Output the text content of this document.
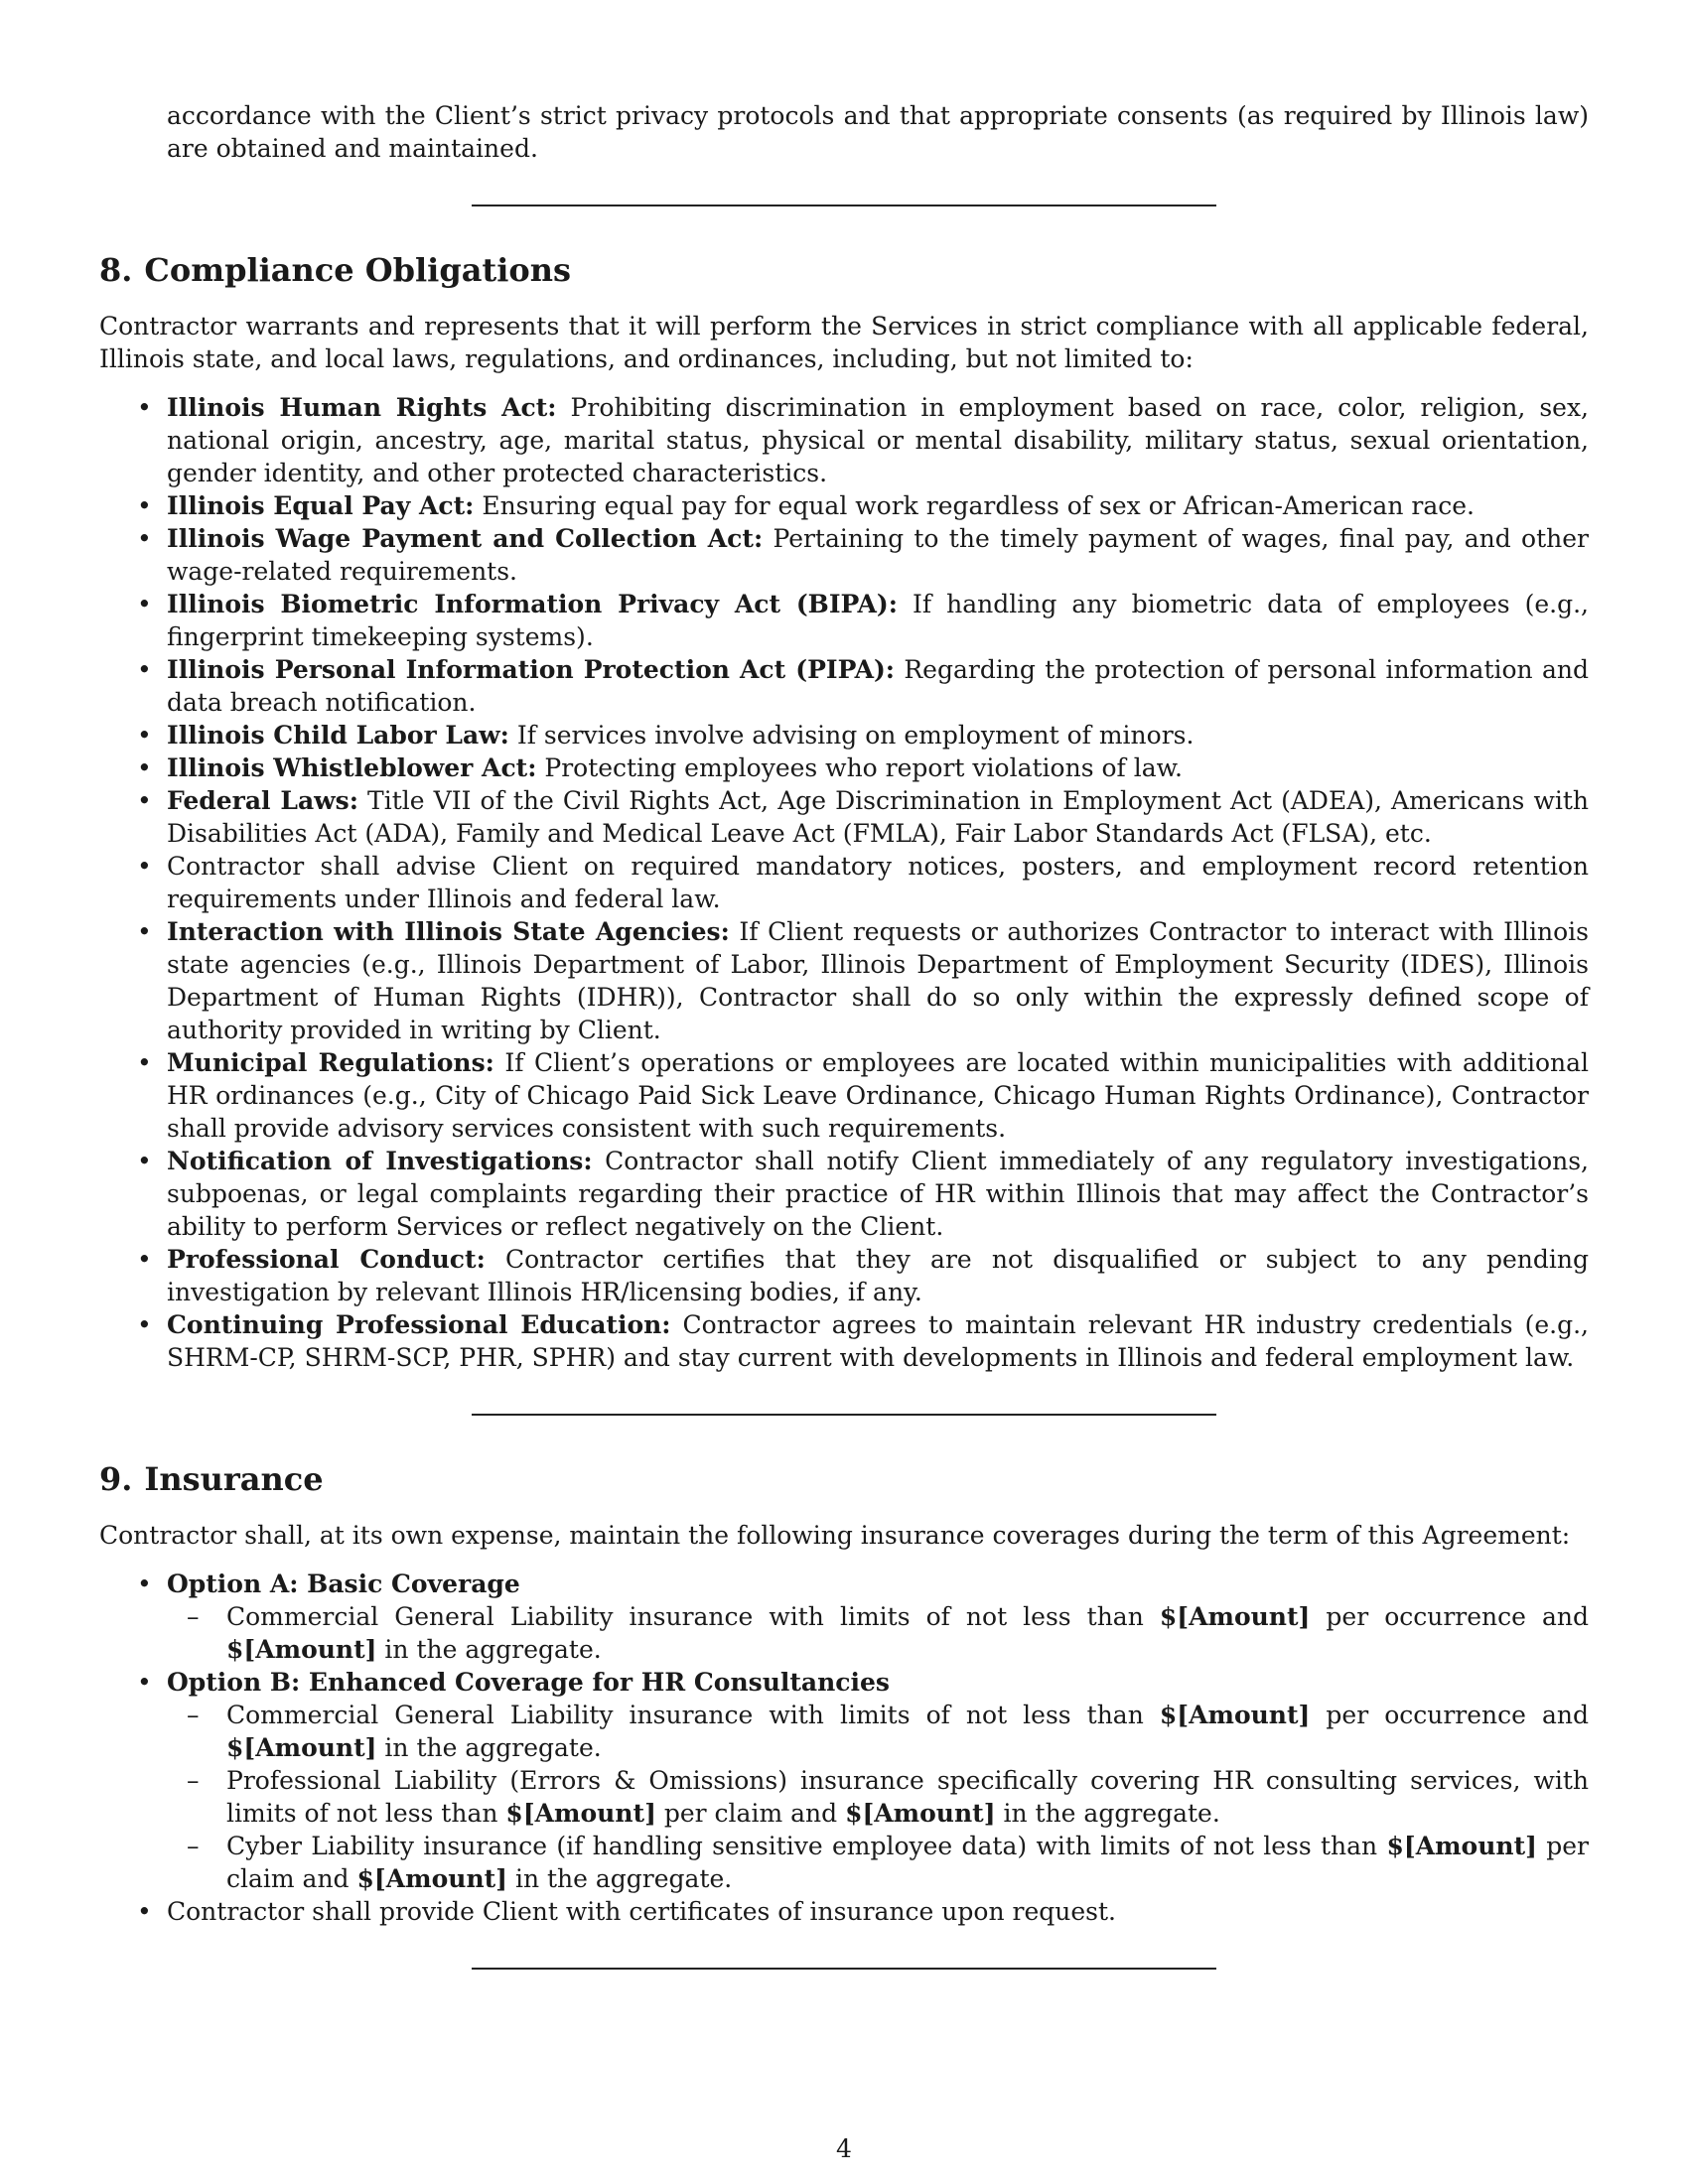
accordance with the Client’s strict privacy protocols and that appropriate consents (as required by Illinois law) are obtained and maintained.

8. Compliance Obligations

Contractor warrants and represents that it will perform the Services in strict compliance with all applicable federal, Illinois state, and local laws, regulations, and ordinances, including, but not limited to:

• Illinois Human Rights Act: Prohibiting discrimination in employment based on race, color, religion, sex, national origin, ancestry, age, marital status, physical or mental disability, military status, sexual orientation, gender identity, and other protected characteristics.
• Illinois Equal Pay Act: Ensuring equal pay for equal work regardless of sex or African-American race.
• Illinois Wage Payment and Collection Act: Pertaining to the timely payment of wages, final pay, and other wage-related requirements.
• Illinois Biometric Information Privacy Act (BIPA): If handling any biometric data of employees (e.g., fingerprint timekeeping systems).
• Illinois Personal Information Protection Act (PIPA): Regarding the protection of personal information and data breach notification.
• Illinois Child Labor Law: If services involve advising on employment of minors.
• Illinois Whistleblower Act: Protecting employees who report violations of law.
• Federal Laws: Title VII of the Civil Rights Act, Age Discrimination in Employment Act (ADEA), Americans with Disabilities Act (ADA), Family and Medical Leave Act (FMLA), Fair Labor Standards Act (FLSA), etc.
• Contractor shall advise Client on required mandatory notices, posters, and employment record retention requirements under Illinois and federal law.
• Interaction with Illinois State Agencies: If Client requests or authorizes Contractor to interact with Illinois state agencies (e.g., Illinois Department of Labor, Illinois Department of Employment Security (IDES), Illinois Department of Human Rights (IDHR)), Contractor shall do so only within the expressly defined scope of authority provided in writing by Client.
• Municipal Regulations: If Client’s operations or employees are located within municipalities with additional HR ordinances (e.g., City of Chicago Paid Sick Leave Ordinance, Chicago Human Rights Ordinance), Contractor shall provide advisory services consistent with such requirements.
• Notification of Investigations: Contractor shall notify Client immediately of any regulatory investigations, subpoenas, or legal complaints regarding their practice of HR within Illinois that may affect the Contractor’s ability to perform Services or reflect negatively on the Client.
• Professional Conduct: Contractor certifies that they are not disqualified or subject to any pending investigation by relevant Illinois HR/licensing bodies, if any.
• Continuing Professional Education: Contractor agrees to maintain relevant HR industry credentials (e.g., SHRM-CP, SHRM-SCP, PHR, SPHR) and stay current with developments in Illinois and federal employment law.
9. Insurance

Contractor shall, at its own expense, maintain the following insurance coverages during the term of this Agreement:

• Option A: Basic Coverage
– Commercial General Liability insurance with limits of not less than $[Amount] per occurrence and $[Amount] in the aggregate.
• Option B: Enhanced Coverage for HR Consultancies
– Commercial General Liability insurance with limits of not less than $[Amount] per occurrence and $[Amount] in the aggregate.
– Professional Liability (Errors & Omissions) insurance specifically covering HR consulting services, with limits of not less than $[Amount] per claim and $[Amount] in the aggregate.
– Cyber Liability insurance (if handling sensitive employee data) with limits of not less than $[Amount] per claim and $[Amount] in the aggregate.
• Contractor shall provide Client with certificates of insurance upon request.
4
